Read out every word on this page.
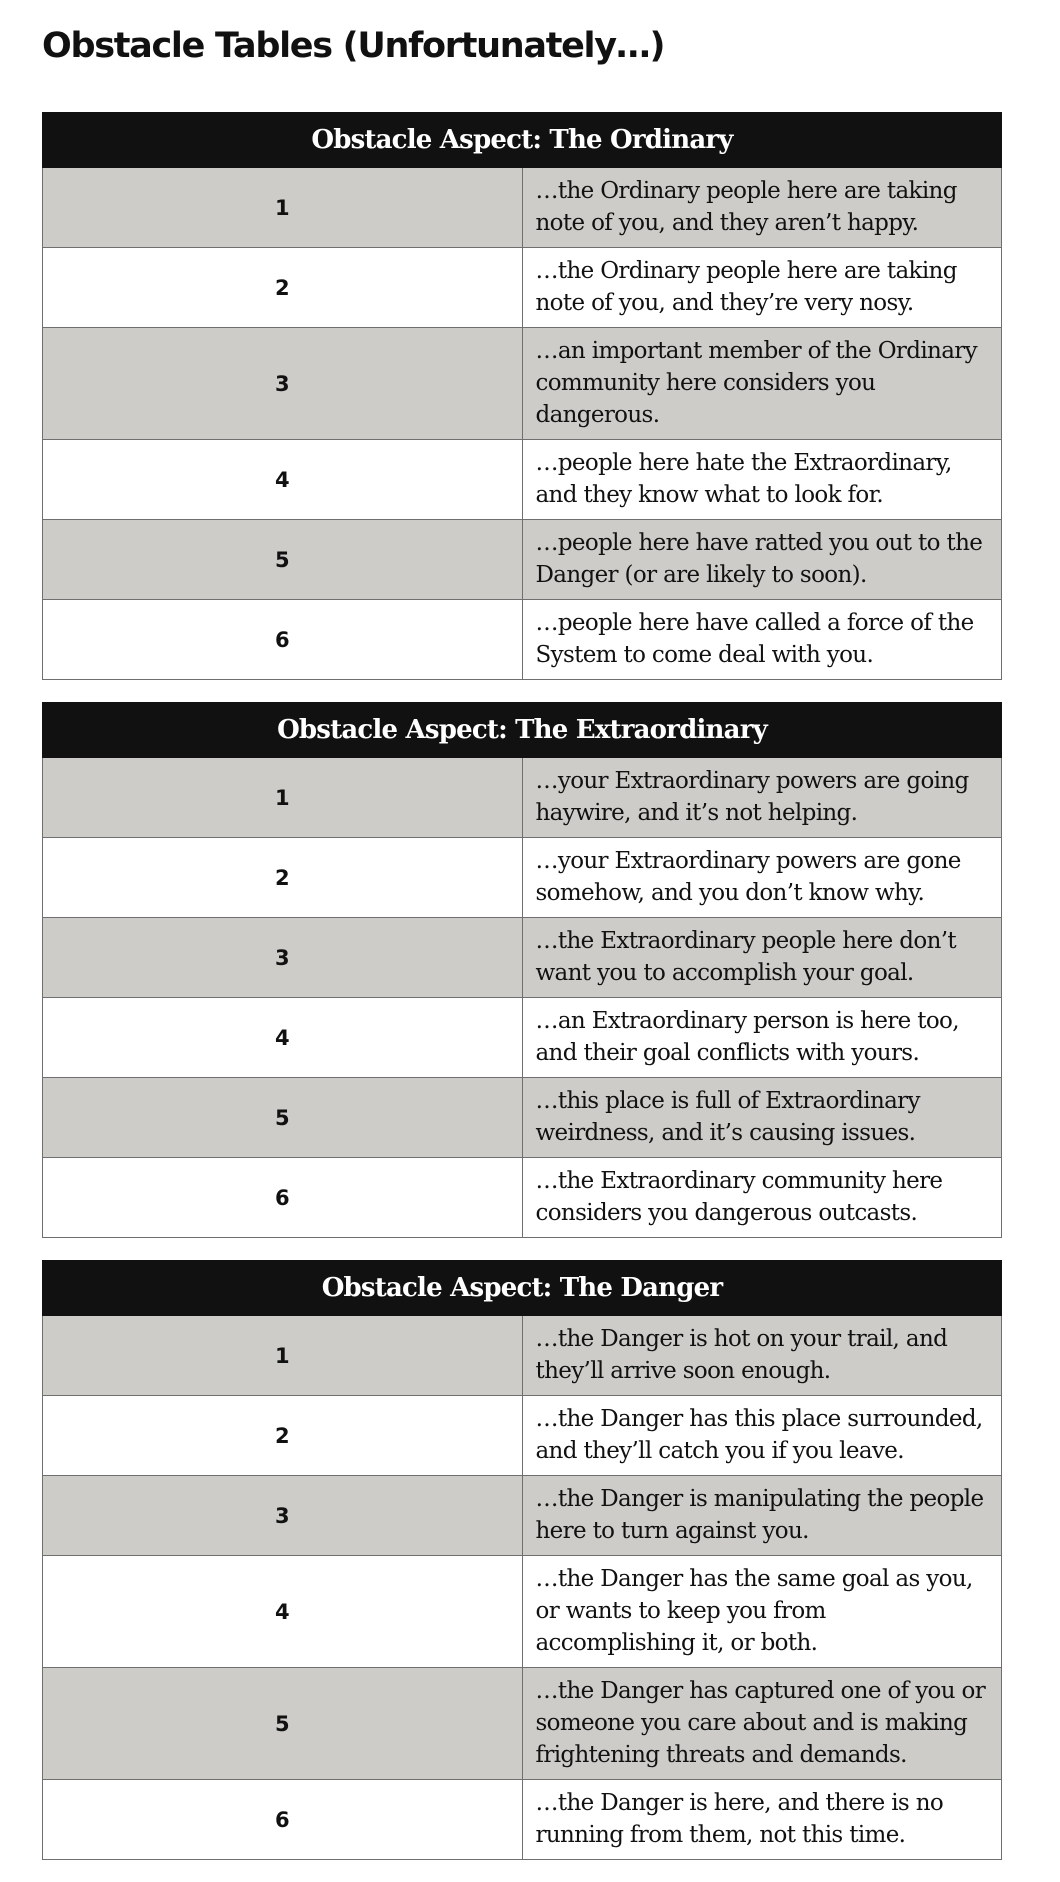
Obstacle Tables (Unfortunately…)
Obstacle Aspect: The Ordinary	
1	…the Ordinary people here are taking note of you, and they aren’t happy.
2	…the Ordinary people here are taking note of you, and they’re very nosy.
3	…an important member of the Ordinary community here considers you dangerous.
4	…people here hate the Extraordinary, and they know what to look for.
5	…people here have ratted you out to the Danger (or are likely to soon).
6	…people here have called a force of the System to come deal with you.
Obstacle Aspect: The Extraordinary	
1	…your Extraordinary powers are going haywire, and it’s not helping.
2	…your Extraordinary powers are gone somehow, and you don’t know why.
3	…the Extraordinary people here don’t want you to accomplish your goal.
4	…an Extraordinary person is here too, and their goal conflicts with yours.
5	…this place is full of Extraordinary weirdness, and it’s causing issues.
6	…the Extraordinary community here considers you dangerous outcasts.
Obstacle Aspect: The Danger	
1	…the Danger is hot on your trail, and they’ll arrive soon enough.
2	…the Danger has this place surrounded, and they’ll catch you if you leave.
3	…the Danger is manipulating the people here to turn against you.
4	…the Danger has the same goal as you, or wants to keep you from accomplishing it, or both.
5	…the Danger has captured one of you or someone you care about and is making frightening threats and demands.
6	…the Danger is here, and there is no running from them, not this time.
